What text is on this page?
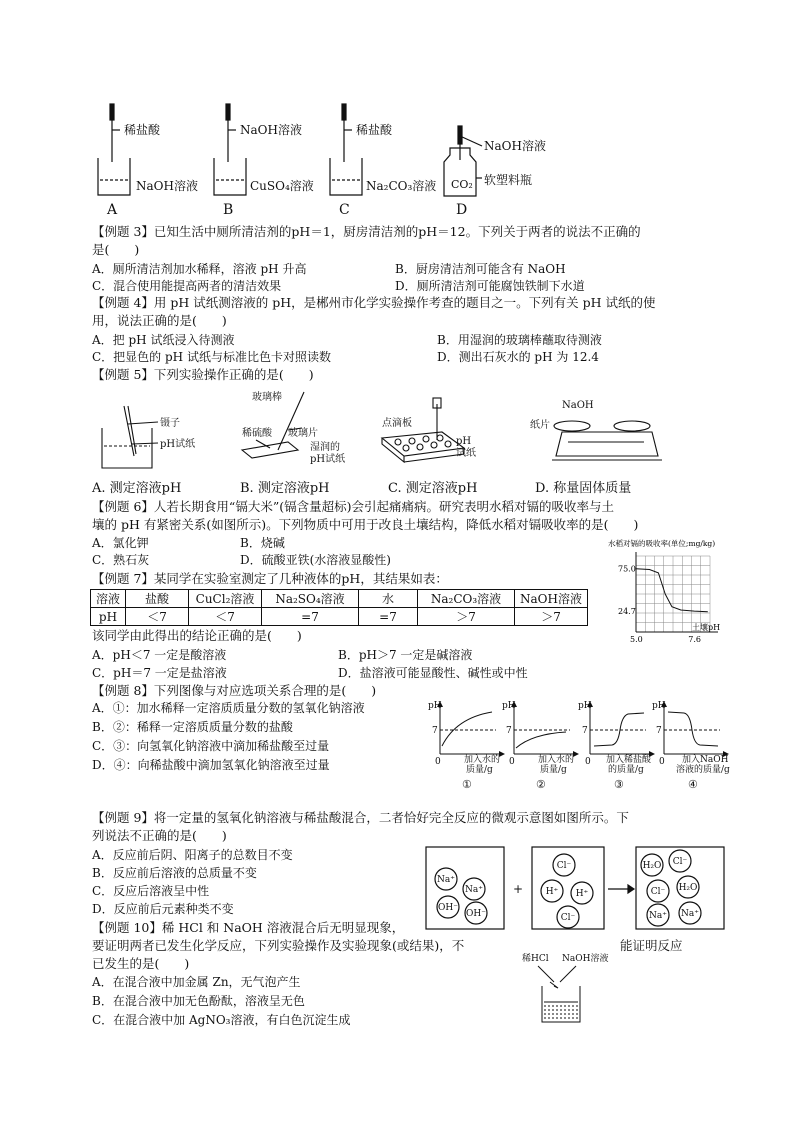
稀盐酸
NaOH溶液
NaOH溶液
CuSO₄溶液
稀盐酸
Na₂CO₃溶液
NaOH溶液
CO₂ 软塑料瓶
A	B	C	D
【例题 3】已知生活中厕所清洁剂的pH＝1，厨房清洁剂的pH＝12。下列关于两者的说法不正确的
是(　　)
A．厕所清洁剂加水稀释，溶液 pH 升高	B．厨房清洁剂可能含有 NaOH
C．混合使用能提高两者的清洁效果	D．厕所清洁剂可能腐蚀铁制下水道
【例题 4】用 pH 试纸测溶液的 pH，是郴州市化学实验操作考查的题目之一。下列有关 pH 试纸的使
用，说法正确的是(　　)
A．把 pH 试纸浸入待测液	B．用湿润的玻璃棒蘸取待测液
C．把显色的 pH 试纸与标准比色卡对照读数	D．测出石灰水的 pH 为 12.4
【例题 5】下列实验操作正确的是(　　)
镊子
pH试纸
玻璃棒
稀硫酸 玻璃片
湿润的
pH试纸
点滴板
pH
试纸
NaOH
纸片
A. 测定溶液pH	B. 测定溶液pH	C. 测定溶液pH	D. 称量固体质量
【例题 6】人若长期食用“镉大米”(镉含量超标)会引起痛痛病。研究表明水稻对镉的吸收率与土
壤的 pH 有紧密关系(如图所示)。下列物质中可用于改良土壤结构，降低水稻对镉吸收率的是(　　)
A．氯化钾	B．烧碱
C．熟石灰	D．硫酸亚铁(水溶液显酸性)
水稻对镉的吸收率(单位;mg/kg)
75.0
24.7
5.0	7.6
土壤pH
【例题 7】某同学在实验室测定了几种液体的pH，其结果如表：
溶液	盐酸	CuCl₂溶液	Na₂SO₄溶液	水	Na₂CO₃溶液	NaOH溶液
pH	＜7	＜7	=7	=7	＞7	＞7
该同学由此得出的结论正确的是(　　)
A．pH＜7 一定是酸溶液	B．pH＞7 一定是碱溶液
C．pH＝7 一定是盐溶液	D．盐溶液可能显酸性、碱性或中性
【例题 8】下列图像与对应选项关系合理的是(　　)
A．①：加水稀释一定溶质质量分数的氢氧化钠溶液
B．②：稀释一定溶质质量分数的盐酸
C．③：向氢氧化钠溶液中滴加稀盐酸至过量
D．④：向稀盐酸中滴加氢氧化钠溶液至过量
pH
7
0	加入水的
质量/g
①
pH
7
0	加入水的
质量/g
②
pH
7
0 加入稀盐酸
的质量/g
③
pH
7
0 加入NaOH
溶液的质量/g
④
【例题 9】将一定量的氢氧化钠溶液与稀盐酸混合，二者恰好完全反应的微观示意图如图所示。下
列说法不正确的是(　　)
A．反应前后阴、阳离子的总数目不变
B．反应前后溶液的总质量不变
C．反应后溶液呈中性
D．反应前后元素种类不变
Na⁺
Na⁺
OH⁻
OH⁻
+
Cl⁻
H⁺ H⁺
Cl⁻
H₂O Cl⁻
Cl⁻ H₂O
Na⁺ Na⁺
【例题 10】稀 HCl 和 NaOH 溶液混合后无明显现象，
要证明两者已发生化学反应，下列实验操作及实验现象(或结果)，不	能证明反应
已发生的是(　　)
A．在混合液中加金属 Zn，无气泡产生
B．在混合液中加无色酚酞，溶液呈无色
C．在混合液中加 AgNO₃溶液，有白色沉淀生成
稀HCl NaOH溶液
